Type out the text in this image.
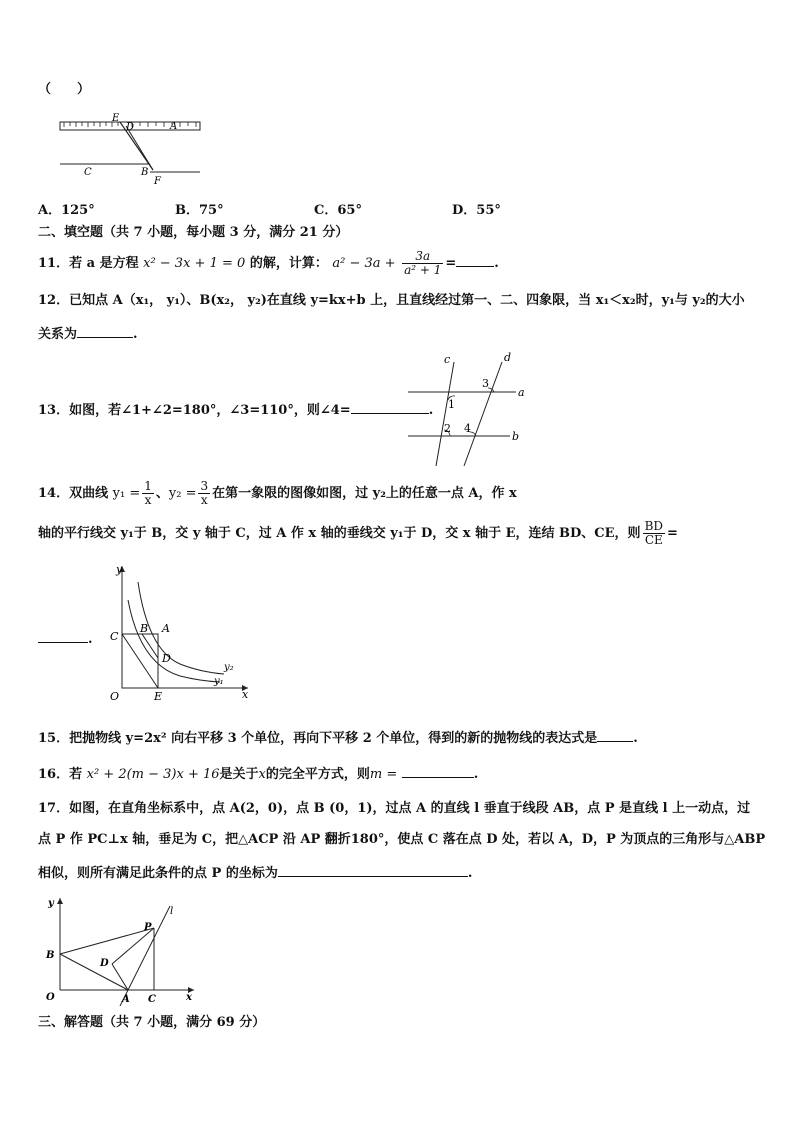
（　　）
E
D	A
C	B
F
A．125°	B．75°	C．65°	D．55°
二、填空题（共 7 小题，每小题 3 分，满分 21 分）
11．若 a 是方程 x² − 3x + 1 = 0 的解，计算： $a^2 - 3a + \frac{3a}{\text{a² + 1}}$ =	.
12．已知点 A（x₁， y₁）、B(x₂， y₂)在直线 y=kx+b 上，且直线经过第一、二、四象限，当 x₁＜x₂时，y₁与 y₂的大小
关系为	.
13．如图，若∠1+∠2=180°，∠3=110°，则∠4=	.
c	d
a
b
1
2
3
4
14．双曲线 $y_1 = \frac{1}{x}$ 、$y_2 = \frac{3}{x}$ 在第一象限的图像如图，过 y₂上的任意一点 A，作 x
轴的平行线交 y₁于 B，交 y 轴于 C，过 A 作 x 轴的垂线交 y₁于 D，交 x 轴于 E，连结 BD、CE，则 $\frac{BD}{CE}$ =
.
y
C
B A
D
O	E	x
y₂
y₁
15．把抛物线 y=2x² 向右平移 3 个单位，再向下平移 2 个单位，得到的新的抛物线的表达式是	.
16．若 x² + 2(m − 3)x + 16是关于x的完全平方式，则m =	.
17．如图，在直角坐标系中，点 A(2，0)，点 B (0，1)，过点 A 的直线 l 垂直于线段 AB，点 P 是直线 l 上一动点，过
点 P 作 PC⊥x 轴，垂足为 C，把△ACP 沿 AP 翻折180°，使点 C 落在点 D 处，若以 A，D，P 为顶点的三角形与△ABP
相似，则所有满足此条件的点 P 的坐标为	.
y
l
P
B
D
O	A C	x
三、解答题（共 7 小题，满分 69 分）
